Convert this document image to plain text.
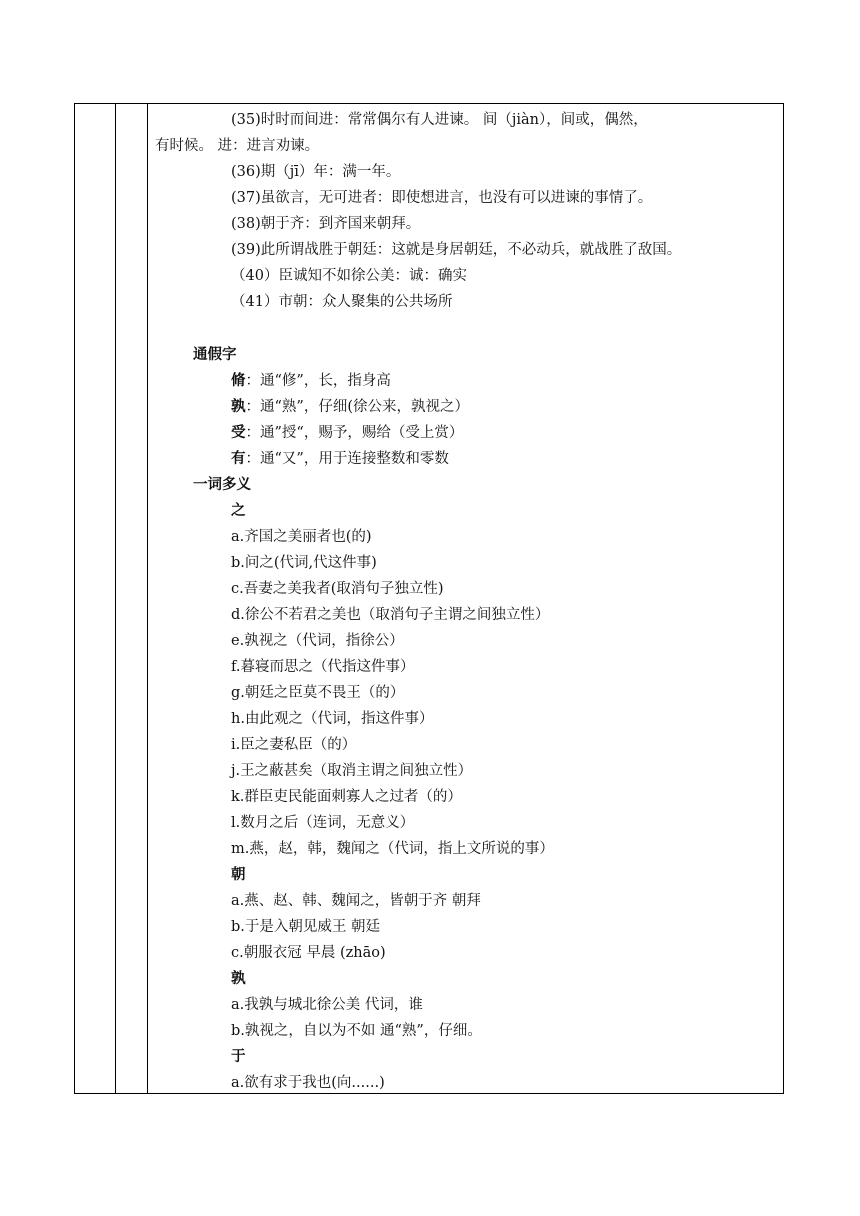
(35)时时而间进：常常偶尔有人进谏。 间（jiàn），间或，偶然，
有时候。 进：进言劝谏。
(36)期（jī）年：满一年。
(37)虽欲言，无可进者：即使想进言，也没有可以进谏的事情了。
(38)朝于齐：到齐国来朝拜。
(39)此所谓战胜于朝廷：这就是身居朝廷，不必动兵，就战胜了敌国。
（40）臣诚知不如徐公美：诚：确实
（41）市朝：众人聚集的公共场所
通假字
脩：通“修”，长，指身高
孰：通“熟”，仔细(徐公来，孰视之）
受：通”授“，赐予，赐给（受上赏）
有：通“又”，用于连接整数和零数
一词多义
之
a.齐国之美丽者也(的)
b.问之(代词,代这件事)
c.吾妻之美我者(取消句子独立性)
d.徐公不若君之美也（取消句子主谓之间独立性）
e.孰视之（代词，指徐公）
f.暮寝而思之（代指这件事）
g.朝廷之臣莫不畏王（的）
h.由此观之（代词，指这件事）
i.臣之妻私臣（的）
j.王之蔽甚矣（取消主谓之间独立性）
k.群臣吏民能面刺寡人之过者（的）
l.数月之后（连词，无意义）
m.燕，赵，韩，魏闻之（代词，指上文所说的事）
朝
a.燕、赵、韩、魏闻之，皆朝于齐 朝拜
b.于是入朝见威王 朝廷
c.朝服衣冠 早晨 (zhāo)
孰
a.我孰与城北徐公美 代词，谁
b.孰视之，自以为不如 通“熟”，仔细。
于
a.欲有求于我也(向......)
